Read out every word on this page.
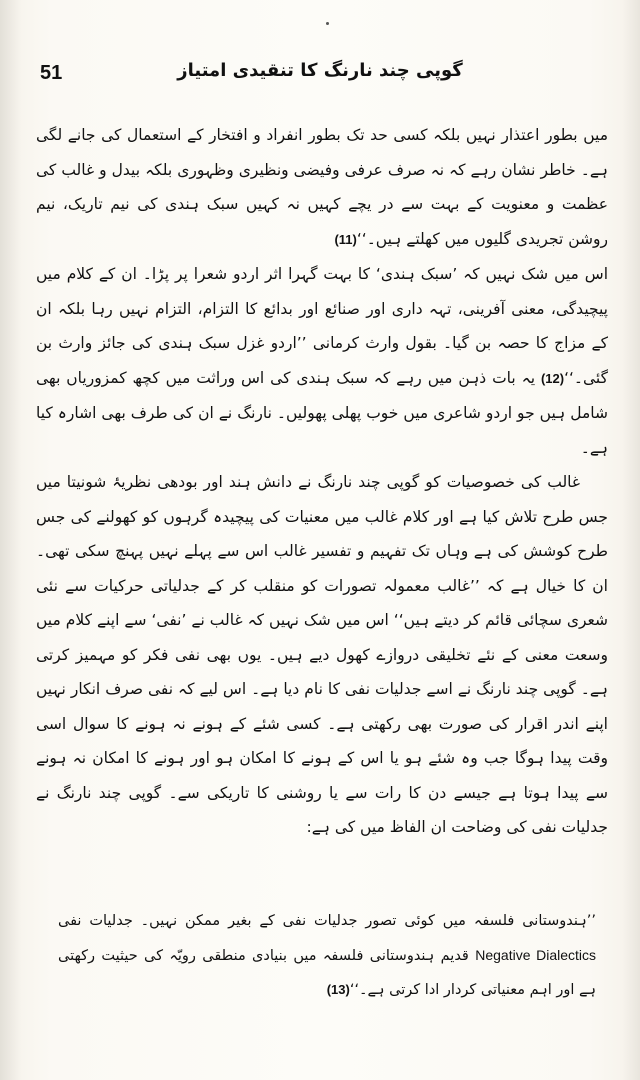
51	گوپی چند نارنگ کا تنقیدی امتیاز

میں بطور اعتذار نہیں بلکہ کسی حد تک بطور انفراد و افتخار کے استعمال کی جانے لگی ہے۔ خاطر نشان رہے کہ نہ صرف عرفی وفیضی ونظیری وظہوری بلکہ بیدل و غالب کی عظمت و معنویت کے بہت سے در یچے کہیں نہ کہیں سبک ہندی کی نیم تاریک، نیم روشن تجریدی گلیوں میں کھلتے ہیں۔‘‘(11)

اس میں شک نہیں کہ ’سبک ہندی‘ کا بہت گہرا اثر اردو شعرا پر پڑا۔ ان کے کلام میں پیچیدگی، معنی آفرینی، تہہ داری اور صنائع اور بدائع کا التزام، التزام نہیں رہا بلکہ ان کے مزاج کا حصہ بن گیا۔ بقول وارث کرمانی ’’اردو غزل سبک ہندی کی جائز وارث بن گئی۔‘‘(12) یہ بات ذہن میں رہے کہ سبک ہندی کی اس وراثت میں کچھ کمزوریاں بھی شامل ہیں جو اردو شاعری میں خوب پھلی پھولیں۔ نارنگ نے ان کی طرف بھی اشارہ کیا ہے۔

غالب کی خصوصیات کو گوپی چند نارنگ نے دانش ہند اور بودھی نظریۂ شونیتا میں جس طرح تلاش کیا ہے اور کلام غالب میں معنیات کی پیچیدہ گرہوں کو کھولنے کی جس طرح کوشش کی ہے وہاں تک تفہیم و تفسیر غالب اس سے پہلے نہیں پہنچ سکی تھی۔ ان کا خیال ہے کہ ’’غالب معمولہ تصورات کو منقلب کر کے جدلیاتی حرکیات سے نئی شعری سچائی قائم کر دیتے ہیں‘‘ اس میں شک نہیں کہ غالب نے ’نفی‘ سے اپنے کلام میں وسعت معنی کے نئے تخلیقی دروازے کھول دیے ہیں۔ یوں بھی نفی فکر کو مہمیز کرتی ہے۔ گوپی چند نارنگ نے اسے جدلیات نفی کا نام دیا ہے۔ اس لیے کہ نفی صرف انکار نہیں اپنے اندر اقرار کی صورت بھی رکھتی ہے۔ کسی شئے کے ہونے نہ ہونے کا سوال اسی وقت پیدا ہوگا جب وہ شئے ہو یا اس کے ہونے کا امکان ہو اور ہونے کا امکان نہ ہونے سے پیدا ہوتا ہے جیسے دن کا رات سے یا روشنی کا تاریکی سے۔ گوپی چند نارنگ نے جدلیات نفی کی وضاحت ان الفاظ میں کی ہے:

’’ہندوستانی فلسفہ میں کوئی تصور جدلیات نفی کے بغیر ممکن نہیں۔ جدلیات نفی Negative Dialectics قدیم ہندوستانی فلسفہ میں بنیادی منطقی رویّہ کی حیثیت رکھتی ہے اور اہم معنیاتی کردار ادا کرتی ہے۔‘‘(13)
